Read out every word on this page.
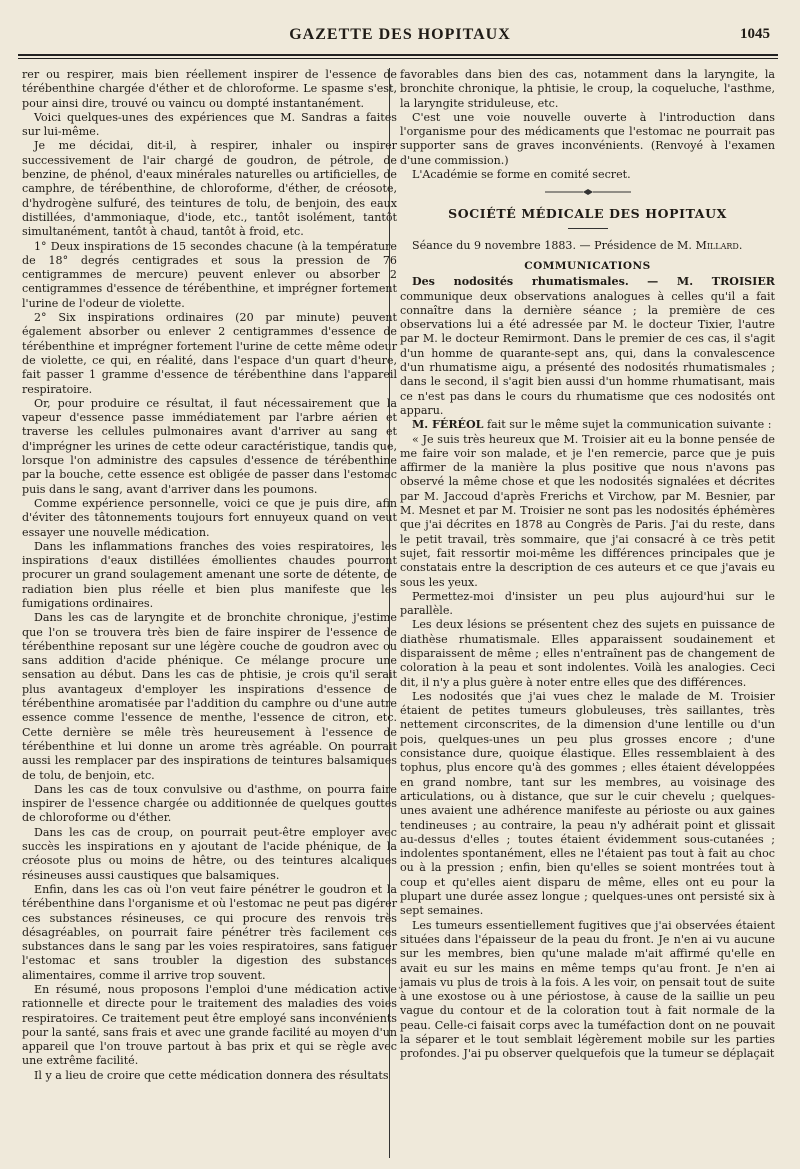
GAZETTE DES HOPITAUX	1045

rer ou respirer, mais bien réellement inspirer de l'essence de térébenthine chargée d'éther et de chloroforme. Le spasme s'est, pour ainsi dire, trouvé ou vaincu ou dompté instantanément.

Voici quelques-unes des expériences que M. Sandras a faites sur lui-même.

Je me décidai, dit-il, à respirer, inhaler ou inspirer successivement de l'air chargé de goudron, de pétrole, de benzine, de phénol, d'eaux minérales naturelles ou artificielles, de camphre, de térébenthine, de chloroforme, d'éther, de créosote, d'hydrogène sulfuré, des teintures de tolu, de benjoin, des eaux distillées, d'ammoniaque, d'iode, etc., tantôt isolément, tantôt simultanément, tantôt à chaud, tantôt à froid, etc.

1° Deux inspirations de 15 secondes chacune (à la température de 18° degrés centigrades et sous la pression de 76 centigrammes de mercure) peuvent enlever ou absorber 2 centigrammes d'essence de térébenthine, et imprégner fortement l'urine de l'odeur de violette.

2° Six inspirations ordinaires (20 par minute) peuvent également absorber ou enlever 2 centigrammes d'essence de térébenthine et imprégner fortement l'urine de cette même odeur de violette, ce qui, en réalité, dans l'espace d'un quart d'heure, fait passer 1 gramme d'essence de térébenthine dans l'appareil respiratoire.

Or, pour produire ce résultat, il faut nécessairement que la vapeur d'essence passe immédiatement par l'arbre aérien et traverse les cellules pulmonaires avant d'arriver au sang et d'imprégner les urines de cette odeur caractéristique, tandis que, lorsque l'on administre des capsules d'essence de térébenthine par la bouche, cette essence est obligée de passer dans l'estomac puis dans le sang, avant d'arriver dans les poumons.

Comme expérience personnelle, voici ce que je puis dire, afin d'éviter des tâtonnements toujours fort ennuyeux quand on veut essayer une nouvelle médication.

Dans les inflammations franches des voies respiratoires, les inspirations d'eaux distillées émollientes chaudes pourront procurer un grand soulagement amenant une sorte de détente, de radiation bien plus réelle et bien plus manifeste que les fumigations ordinaires.

Dans les cas de laryngite et de bronchite chronique, j'estime que l'on se trouvera très bien de faire inspirer de l'essence de térébenthine reposant sur une légère couche de goudron avec ou sans addition d'acide phénique. Ce mélange procure une sensation au début. Dans les cas de phtisie, je crois qu'il serait plus avantageux d'employer les inspirations d'essence de térébenthine aromatisée par l'addition du camphre ou d'une autre essence comme l'essence de menthe, l'essence de citron, etc. Cette dernière se mêle très heureusement à l'essence de térébenthine et lui donne un arome très agréable. On pourrait aussi les remplacer par des inspirations de teintures balsamiques de tolu, de benjoin, etc.

Dans les cas de toux convulsive ou d'asthme, on pourra faire inspirer de l'essence chargée ou additionnée de quelques gouttes de chloroforme ou d'éther.

Dans les cas de croup, on pourrait peut-être employer avec succès les inspirations en y ajoutant de l'acide phénique, de la créosote plus ou moins de hêtre, ou des teintures alcaliques résineuses aussi caustiques que balsamiques.

Enfin, dans les cas où l'on veut faire pénétrer le goudron et la térébenthine dans l'organisme et où l'estomac ne peut pas digérer ces substances résineuses, ce qui procure des renvois très désagréables, on pourrait faire pénétrer très facilement ces substances dans le sang par les voies respiratoires, sans fatiguer l'estomac et sans troubler la digestion des substances alimentaires, comme il arrive trop souvent.

En résumé, nous proposons l'emploi d'une médication active rationnelle et directe pour le traitement des maladies des voies respiratoires. Ce traitement peut être employé sans inconvénients pour la santé, sans frais et avec une grande facilité au moyen d'un appareil que l'on trouve partout à bas prix et qui se règle avec une extrême facilité.

Il y a lieu de croire que cette médication donnera des résultats

favorables dans bien des cas, notamment dans la laryngite, la bronchite chronique, la phtisie, le croup, la coqueluche, l'asthme, la laryngite striduleuse, etc.

C'est une voie nouvelle ouverte à l'introduction dans l'organisme pour des médicaments que l'estomac ne pourrait pas supporter sans de graves inconvénients. (Renvoyé à l'examen d'une commission.)

L'Académie se forme en comité secret.

SOCIÉTÉ MÉDICALE DES HOPITAUX

Séance du 9 novembre 1883. — Présidence de M. Millard.

COMMUNICATIONS

Des nodosités rhumatismales. — M. TROISIER communique deux observations analogues à celles qu'il a fait connaître dans la dernière séance ; la première de ces observations lui a été adressée par M. le docteur Tixier, l'autre par M. le docteur Remirmont. Dans le premier de ces cas, il s'agit d'un homme de quarante-sept ans, qui, dans la convalescence d'un rhumatisme aigu, a présenté des nodosités rhumatismales ; dans le second, il s'agit bien aussi d'un homme rhumatisant, mais ce n'est pas dans le cours du rhumatisme que ces nodosités ont apparu.

M. FÉRÉOL fait sur le même sujet la communication suivante :

« Je suis très heureux que M. Troisier ait eu la bonne pensée de me faire voir son malade, et je l'en remercie, parce que je puis affirmer de la manière la plus positive que nous n'avons pas observé la même chose et que les nodosités signalées et décrites par M. Jaccoud d'après Frerichs et Virchow, par M. Besnier, par M. Mesnet et par M. Troisier ne sont pas les nodosités éphémères que j'ai décrites en 1878 au Congrès de Paris. J'ai du reste, dans le petit travail, très sommaire, que j'ai consacré à ce très petit sujet, fait ressortir moi-même les différences principales que je constatais entre la description de ces auteurs et ce que j'avais eu sous les yeux.

Permettez-moi d'insister un peu plus aujourd'hui sur le parallèle.

Les deux lésions se présentent chez des sujets en puissance de diathèse rhumatismale. Elles apparaissent soudainement et disparaissent de même ; elles n'entraînent pas de changement de coloration à la peau et sont indolentes. Voilà les analogies. Ceci dit, il n'y a plus guère à noter entre elles que des différences.

Les nodosités que j'ai vues chez le malade de M. Troisier étaient de petites tumeurs globuleuses, très saillantes, très nettement circonscrites, de la dimension d'une lentille ou d'un pois, quelques-unes un peu plus grosses encore ; d'une consistance dure, quoique élastique. Elles ressemblaient à des tophus, plus encore qu'à des gommes ; elles étaient développées en grand nombre, tant sur les membres, au voisinage des articulations, ou à distance, que sur le cuir chevelu ; quelques-unes avaient une adhérence manifeste au périoste ou aux gaines tendineuses ; au contraire, la peau n'y adhérait point et glissait au-dessus d'elles ; toutes étaient évidemment sous-cutanées ; indolentes spontanément, elles ne l'étaient pas tout à fait au choc ou à la pression ; enfin, bien qu'elles se soient montrées tout à coup et qu'elles aient disparu de même, elles ont eu pour la plupart une durée assez longue ; quelques-unes ont persisté six à sept semaines.

Les tumeurs essentiellement fugitives que j'ai observées étaient situées dans l'épaisseur de la peau du front. Je n'en ai vu aucune sur les membres, bien qu'une malade m'ait affirmé qu'elle en avait eu sur les mains en même temps qu'au front. Je n'en ai jamais vu plus de trois à la fois. A les voir, on pensait tout de suite à une exostose ou à une périostose, à cause de la saillie un peu vague du contour et de la coloration tout à fait normale de la peau. Celle-ci faisait corps avec la tuméfaction dont on ne pouvait la séparer et le tout semblait légèrement mobile sur les parties profondes. J'ai pu observer quelquefois que la tumeur se déplaçait
